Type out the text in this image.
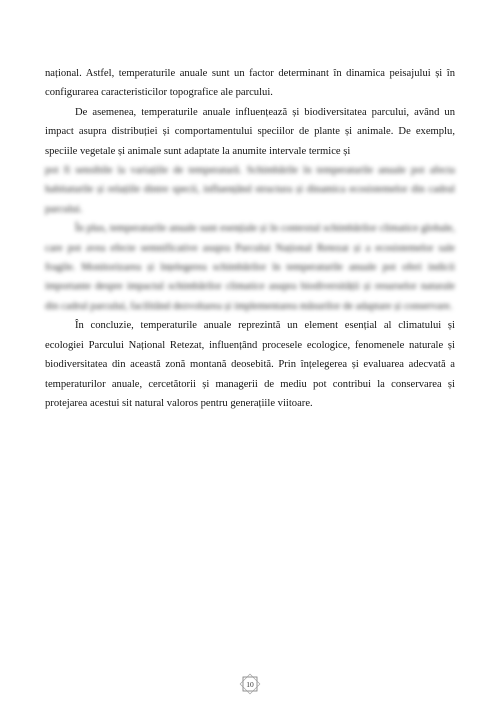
național. Astfel, temperaturile anuale sunt un factor determinant în dinamica peisajului și în configurarea caracteristicilor topografice ale parcului.

De asemenea, temperaturile anuale influențează și biodiversitatea parcului, având un impact asupra distribuției și comportamentului speciilor de plante și animale. De exemplu, speciile vegetale și animale sunt adaptate la anumite intervale termice și

pot fi sensibile la variațiile de temperatură. Schimbările în temperaturile anuale pot afecta habitaturile și relațiile dintre specii, influențând structura și dinamica ecosistemelor din cadrul parcului.

În plus, temperaturile anuale sunt esențiale și în contextul schimbărilor climatice globale, care pot avea efecte semnificative asupra Parcului Național Retezat și a ecosistemelor sale fragile. Monitorizarea și înțelegerea schimbărilor în temperaturile anuale pot oferi indicii importante despre impactul schimbărilor climatice asupra biodiversității și resurselor naturale din cadrul parcului, facilitând dezvoltarea și implementarea măsurilor de adaptare și conservare.

În concluzie, temperaturile anuale reprezintă un element esențial al climatului și ecologiei Parcului Național Retezat, influențând procesele ecologice, fenomenele naturale și biodiversitatea din această zonă montană deosebită. Prin înțelegerea și evaluarea adecvată a temperaturilor anuale, cercetătorii și managerii de mediu pot contribui la conservarea și protejarea acestui sit natural valoros pentru generațiile viitoare.

10
